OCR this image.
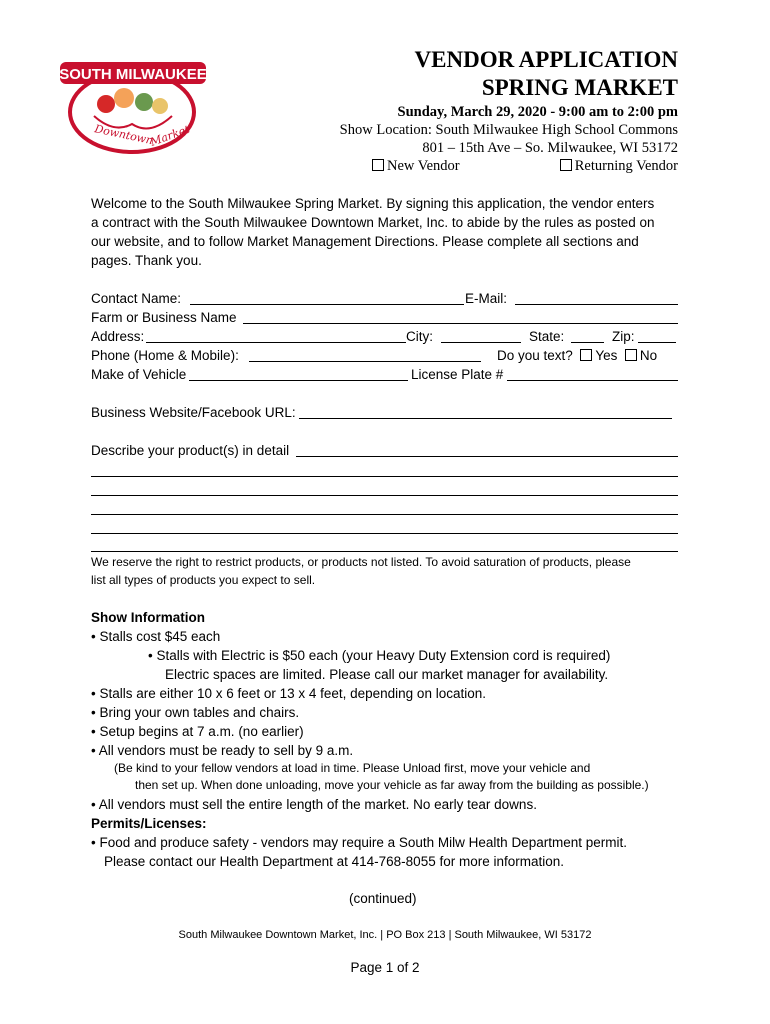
SOUTH MILWAUKEE
Downtown
Market
VENDOR APPLICATION
SPRING MARKET
Sunday, March 29, 2020 - 9:00 am to 2:00 pm
Show Location: South Milwaukee High School Commons
801 – 15th Ave – So. Milwaukee, WI 53172
New Vendor	Returning Vendor
Welcome to the South Milwaukee Spring Market. By signing this application, the vendor enters
a contract with the South Milwaukee Downtown Market, Inc. to abide by the rules as posted on
our website, and to follow Market Management Directions. Please complete all sections and
pages. Thank you.
Contact Name:	E-Mail:
Farm or Business Name
Address:	City:	State:	Zip:
Phone (Home & Mobile):	Do you text? Yes No
Make of Vehicle	License Plate #
Business Website/Facebook URL:
Describe your product(s) in detail
We reserve the right to restrict products, or products not listed. To avoid saturation of products, please
list all types of products you expect to sell.
Show Information
• Stalls cost $45 each
• Stalls with Electric is $50 each (your Heavy Duty Extension cord is required)
Electric spaces are limited. Please call our market manager for availability.
• Stalls are either 10 x 6 feet or 13 x 4 feet, depending on location.
• Bring your own tables and chairs.
• Setup begins at 7 a.m. (no earlier)
• All vendors must be ready to sell by 9 a.m.
(Be kind to your fellow vendors at load in time. Please Unload first, move your vehicle and
then set up. When done unloading, move your vehicle as far away from the building as possible.)
• All vendors must sell the entire length of the market. No early tear downs.
Permits/Licenses:
• Food and produce safety - vendors may require a South Milw Health Department permit.
Please contact our Health Department at 414-768-8055 for more information.
(continued)
South Milwaukee Downtown Market, Inc. | PO Box 213 | South Milwaukee, WI 53172
Page 1 of 2
